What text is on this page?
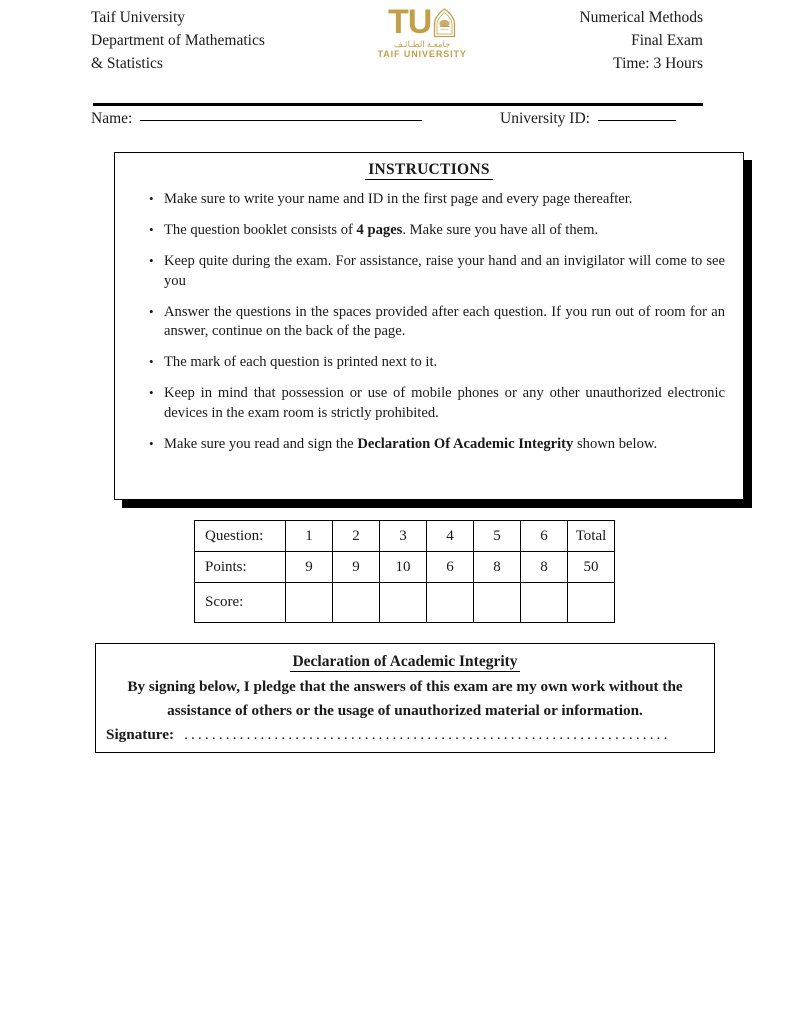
Taif University
Department of Mathematics
& Statistics
TU
جامعـة الطـائـف
TAIF UNIVERSITY
Numerical Methods
Final Exam
Time: 3 Hours
Name:	University ID:
INSTRUCTIONS
• Make sure to write your name and ID in the first page and every page thereafter.
• The question booklet consists of 4 pages. Make sure you have all of them.
• Keep quite during the exam. For assistance, raise your hand and an invigilator will come to see you
• Answer the questions in the spaces provided after each question. If you run out of room for an answer, continue on the back of the page.
• The mark of each question is printed next to it.
• Keep in mind that possession or use of mobile phones or any other unauthorized electronic devices in the exam room is strictly prohibited.
• Make sure you read and sign the Declaration Of Academic Integrity shown below.
Question:	1	2	3	4	5	6	Total
Points:	9	9	10	6	8	8	50
Score:							
Declaration of Academic Integrity
By signing below, I pledge that the answers of this exam are my own work without the assistance of others or the usage of unauthorized material or information.
Signature: ......................................................................
